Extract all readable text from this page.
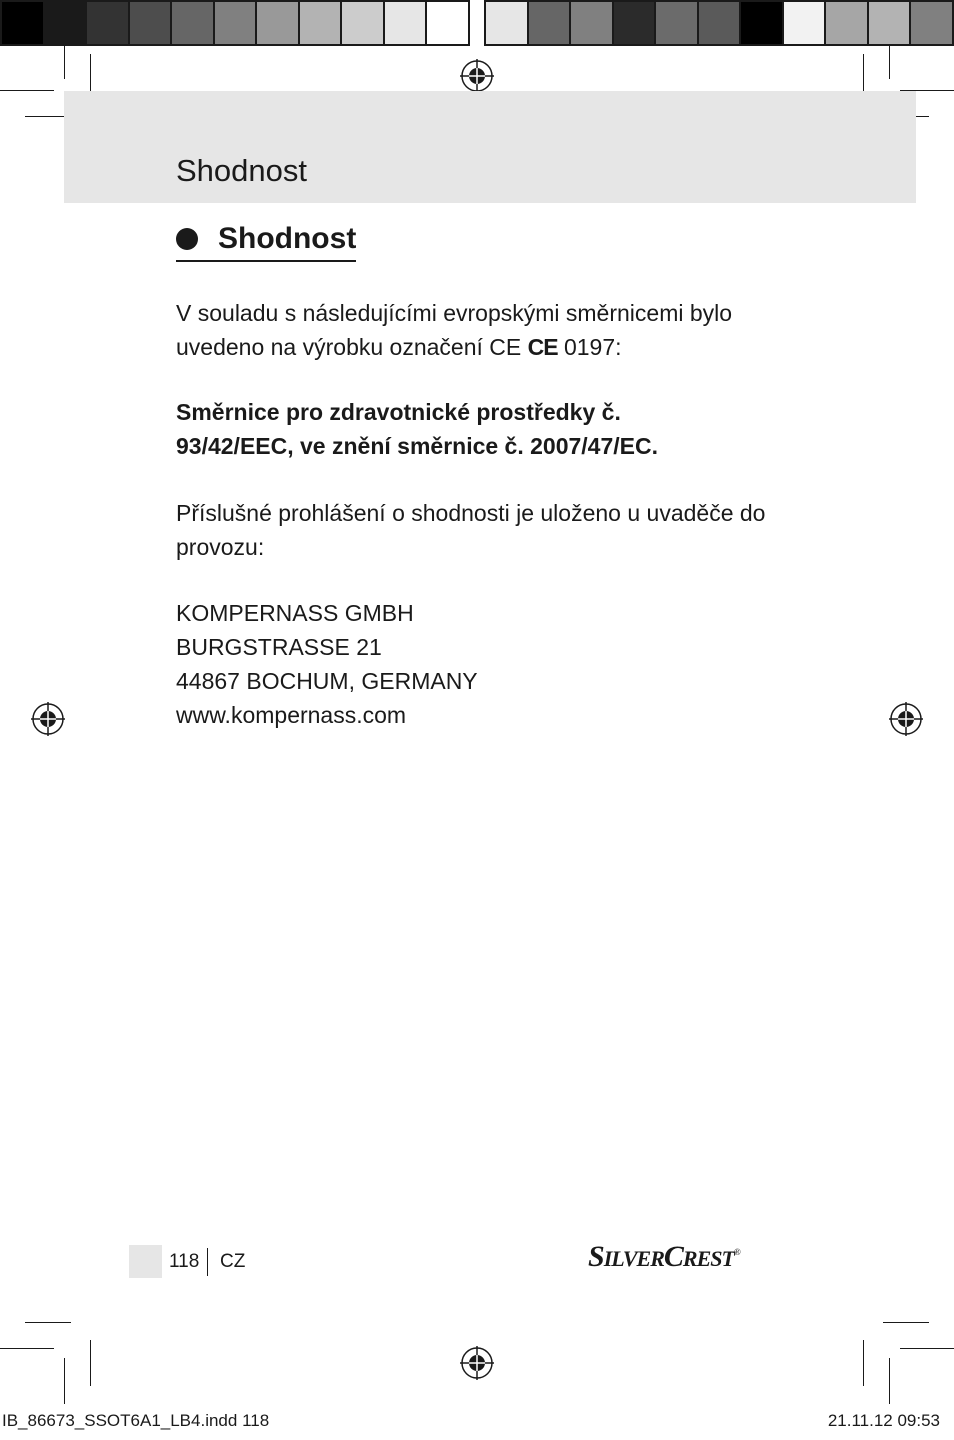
Shodnost
Shodnost

V souladu s následujícími evropskými směrnicemi bylo uvedeno na výrobku označení CE CE 0197:

Směrnice pro zdravotnické prostředky č.
93/42/EEC, ve znění směrnice č. 2007/47/EC.

Příslušné prohlášení o shodnosti je uloženo u uvaděče do provozu:

KOMPERNASS GMBH
BURGSTRASSE 21
44867 BOCHUM, GERMANY
www.kompernass.com

118 CZ	SILVERCREST®
IB_86673_SSOT6A1_LB4.indd 118	21.11.12 09:53
